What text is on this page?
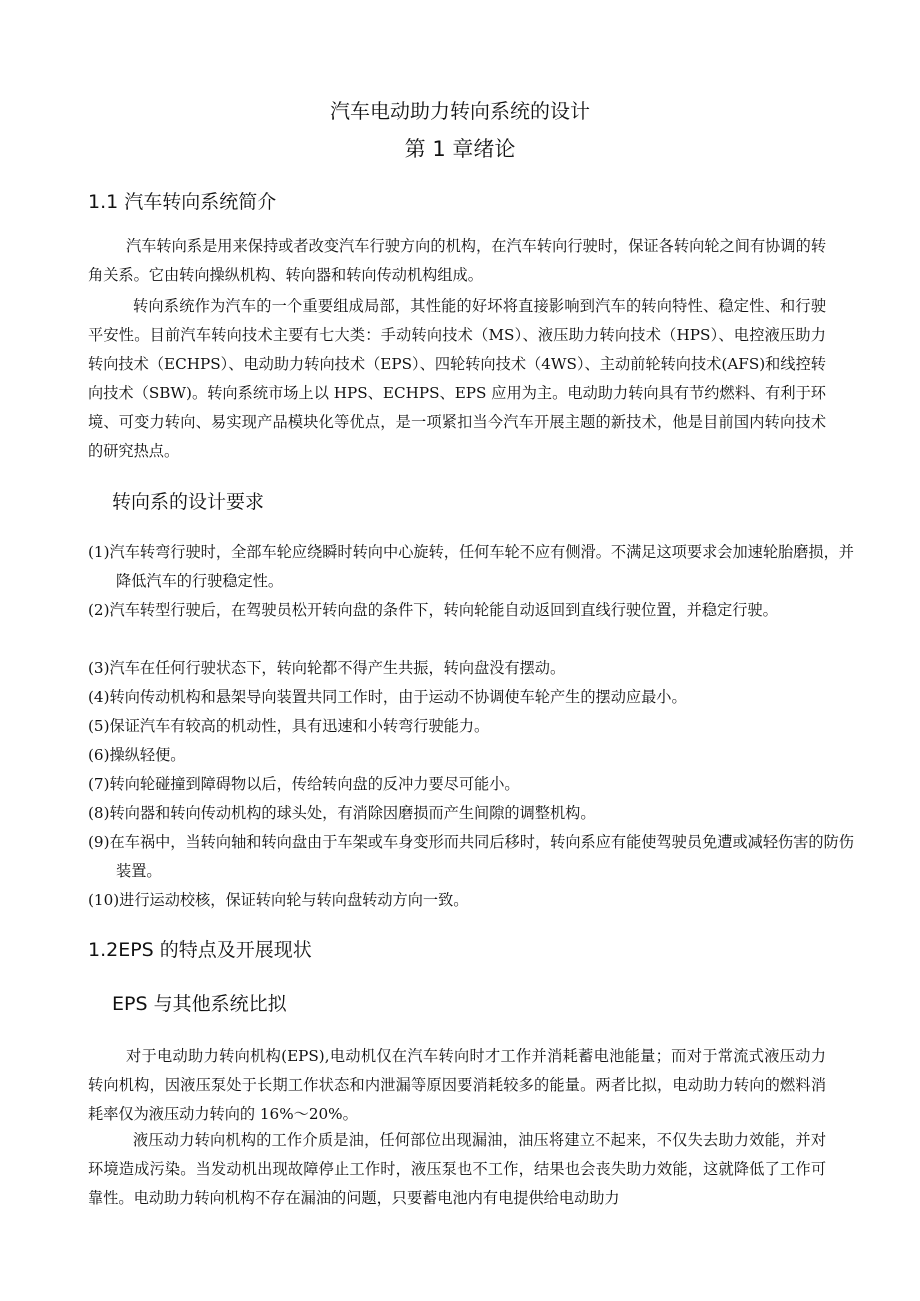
汽车电动助力转向系统的设计
第 1 章绪论
1.1 汽车转向系统简介

汽车转向系是用来保持或者改变汽车行驶方向的机构，在汽车转向行驶时，保证各转向轮之间有协调的转角关系。它由转向操纵机构、转向器和转向传动机构组成。

转向系统作为汽车的一个重要组成局部，其性能的好坏将直接影响到汽车的转向特性、稳定性、和行驶平安性。目前汽车转向技术主要有七大类：手动转向技术（MS）、液压助力转向技术（HPS）、电控液压助力转向技术（ECHPS）、电动助力转向技术（EPS）、四轮转向技术（4WS）、主动前轮转向技术(AFS)和线控转向技术（SBW)。转向系统市场上以 HPS、ECHPS、EPS 应用为主。电动助力转向具有节约燃料、有利于环境、可变力转向、易实现产品模块化等优点，是一项紧扣当今汽车开展主题的新技术，他是目前国内转向技术的研究热点。

转向系的设计要求

(1)汽车转弯行驶时，全部车轮应绕瞬时转向中心旋转，任何车轮不应有侧滑。不满足这项要求会加速轮胎磨损，并降低汽车的行驶稳定性。

(2)汽车转型行驶后，在驾驶员松开转向盘的条件下，转向轮能自动返回到直线行驶位置，并稳定行驶。

(3)汽车在任何行驶状态下，转向轮都不得产生共振，转向盘没有摆动。

(4)转向传动机构和悬架导向装置共同工作时，由于运动不协调使车轮产生的摆动应最小。

(5)保证汽车有较高的机动性，具有迅速和小转弯行驶能力。

(6)操纵轻便。

(7)转向轮碰撞到障碍物以后，传给转向盘的反冲力要尽可能小。

(8)转向器和转向传动机构的球头处，有消除因磨损而产生间隙的调整机构。

(9)在车祸中，当转向轴和转向盘由于车架或车身变形而共同后移时，转向系应有能使驾驶员免遭或减轻伤害的防伤装置。

(10)进行运动校核，保证转向轮与转向盘转动方向一致。

1.2EPS 的特点及开展现状
EPS 与其他系统比拟

对于电动助力转向机构(EPS),电动机仅在汽车转向时才工作并消耗蓄电池能量；而对于常流式液压动力转向机构，因液压泵处于长期工作状态和内泄漏等原因要消耗较多的能量。两者比拟，电动助力转向的燃料消耗率仅为液压动力转向的 16%～20%。

液压动力转向机构的工作介质是油，任何部位出现漏油，油压将建立不起来，不仅失去助力效能，并对环境造成污染。当发动机出现故障停止工作时，液压泵也不工作，结果也会丧失助力效能，这就降低了工作可靠性。电动助力转向机构不存在漏油的问题，只要蓄电池内有电提供给电动助力
